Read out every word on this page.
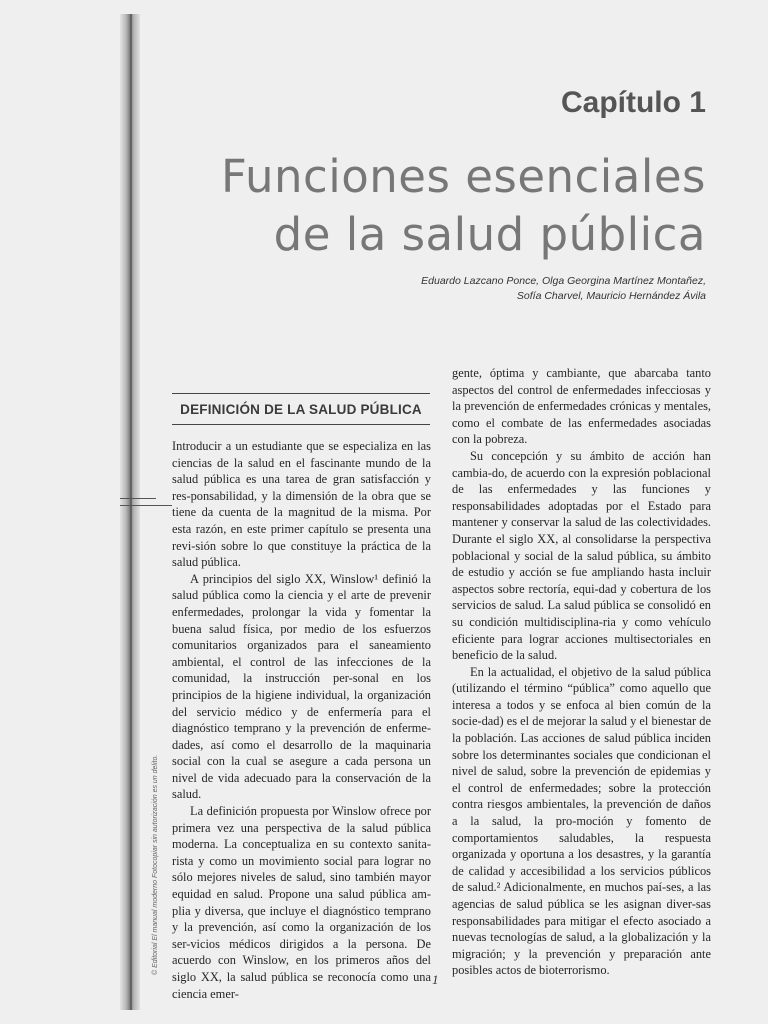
Capítulo 1
Funciones esenciales
de la salud pública
Eduardo Lazcano Ponce, Olga Georgina Martínez Montañez,
Sofía Charvel, Mauricio Hernández Ávila
DEFINICIÓN DE LA SALUD PÚBLICA

Introducir a un estudiante que se especializa en las ciencias de la salud en el fascinante mundo de la salud pública es una tarea de gran satisfacción y res-ponsabilidad, y la dimensión de la obra que se tiene da cuenta de la magnitud de la misma. Por esta razón, en este primer capítulo se presenta una revi-sión sobre lo que constituye la práctica de la salud pública.

A principios del siglo XX, Winslow¹ definió la salud pública como la ciencia y el arte de prevenir enfermedades, prolongar la vida y fomentar la buena salud física, por medio de los esfuerzos comunitarios organizados para el saneamiento ambiental, el control de las infecciones de la comunidad, la instrucción per-sonal en los principios de la higiene individual, la organización del servicio médico y de enfermería para el diagnóstico temprano y la prevención de enferme-dades, así como el desarrollo de la maquinaria social con la cual se asegure a cada persona un nivel de vida adecuado para la conservación de la salud.

La definición propuesta por Winslow ofrece por primera vez una perspectiva de la salud pública moderna. La conceptualiza en su contexto sanita-rista y como un movimiento social para lograr no sólo mejores niveles de salud, sino también mayor equidad en salud. Propone una salud pública am-plia y diversa, que incluye el diagnóstico temprano y la prevención, así como la organización de los ser-vicios médicos dirigidos a la persona. De acuerdo con Winslow, en los primeros años del siglo XX, la salud pública se reconocía como una ciencia emer-

gente, óptima y cambiante, que abarcaba tanto aspectos del control de enfermedades infecciosas y la prevención de enfermedades crónicas y mentales, como el combate de las enfermedades asociadas con la pobreza.

Su concepción y su ámbito de acción han cambia-do, de acuerdo con la expresión poblacional de las enfermedades y las funciones y responsabilidades adoptadas por el Estado para mantener y conservar la salud de las colectividades. Durante el siglo XX, al consolidarse la perspectiva poblacional y social de la salud pública, su ámbito de estudio y acción se fue ampliando hasta incluir aspectos sobre rectoría, equi-dad y cobertura de los servicios de salud. La salud pública se consolidó en su condición multidisciplina-ria y como vehículo eficiente para lograr acciones multisectoriales en beneficio de la salud.

En la actualidad, el objetivo de la salud pública (utilizando el término “pública” como aquello que interesa a todos y se enfoca al bien común de la socie-dad) es el de mejorar la salud y el bienestar de la población. Las acciones de salud pública inciden sobre los determinantes sociales que condicionan el nivel de salud, sobre la prevención de epidemias y el control de enfermedades; sobre la protección contra riesgos ambientales, la prevención de daños a la salud, la pro-moción y fomento de comportamientos saludables, la respuesta organizada y oportuna a los desastres, y la garantía de calidad y accesibilidad a los servicios públicos de salud.² Adicionalmente, en muchos paí-ses, a las agencias de salud pública se les asignan diver-sas responsabilidades para mitigar el efecto asociado a nuevas tecnologías de salud, a la globalización y la migración; y la prevención y preparación ante posibles actos de bioterrorismo.

© Editorial El manual moderno Fotocopiar sin autorización es un delito.
1
